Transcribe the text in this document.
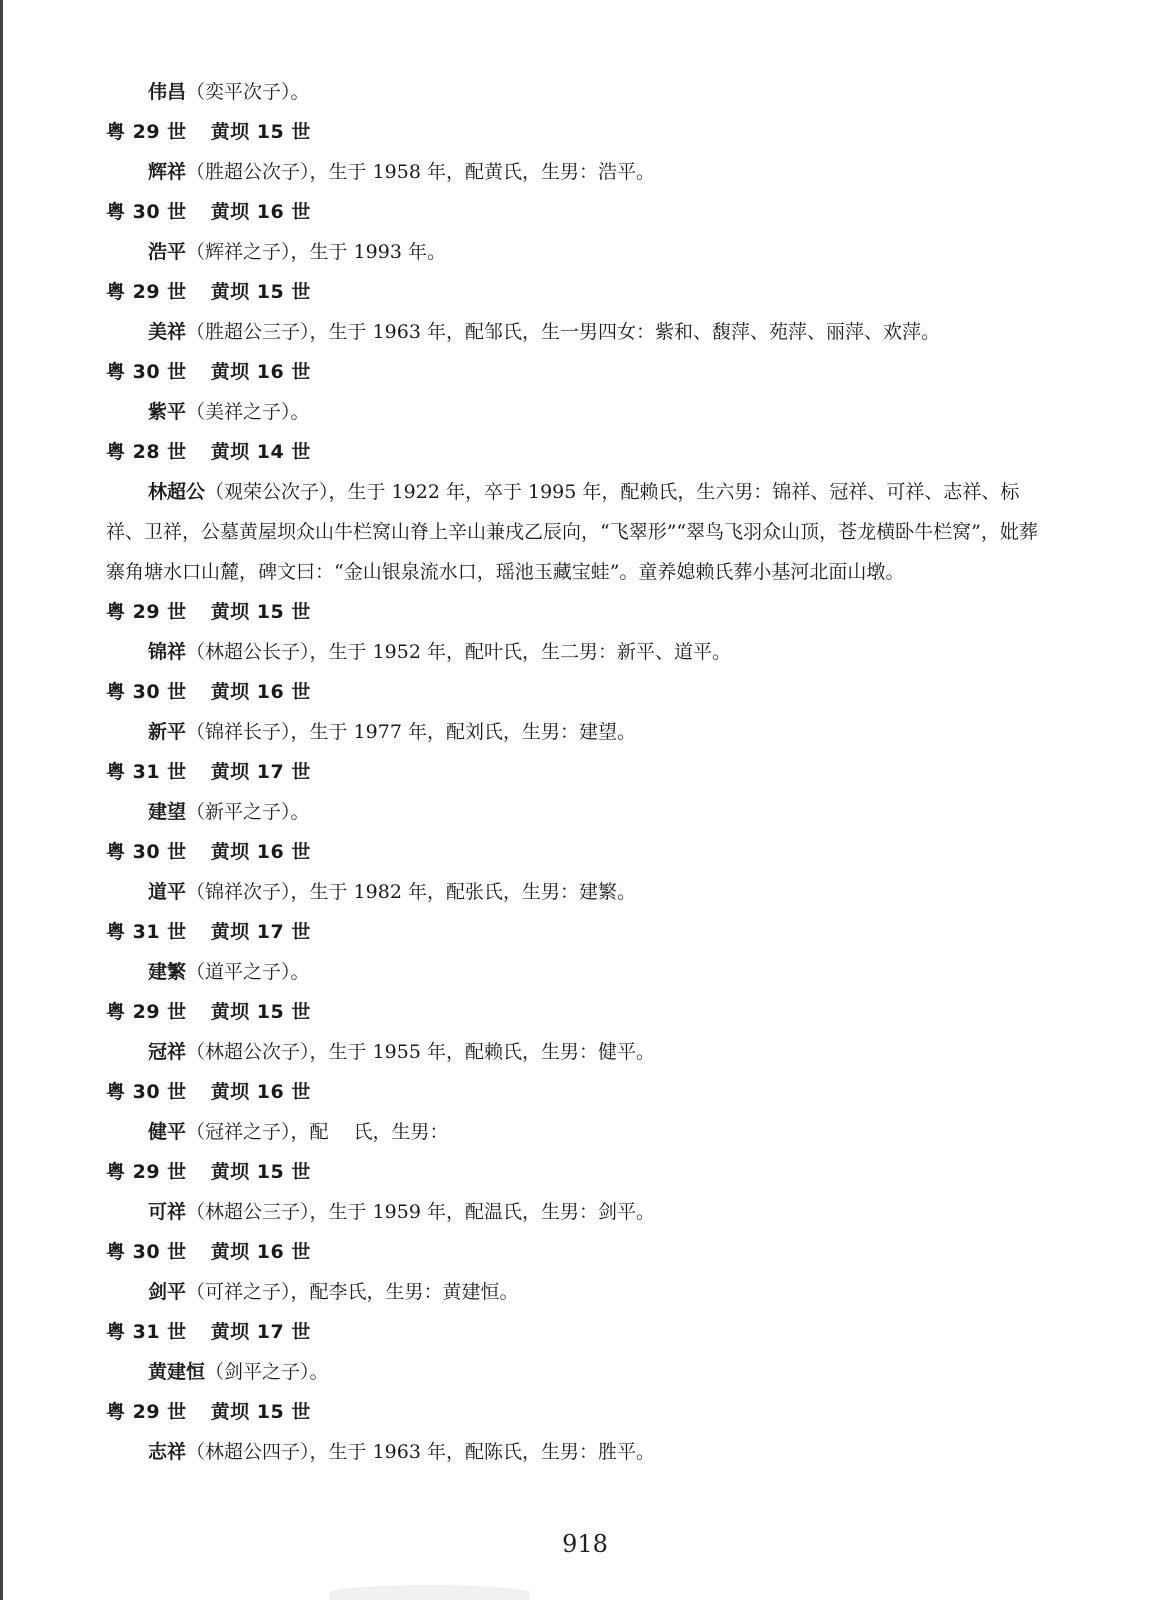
伟昌（奕平次子）。
粤 29 世 黄坝 15 世
辉祥（胜超公次子），生于 1958 年，配黄氏，生男：浩平。
粤 30 世 黄坝 16 世
浩平（辉祥之子），生于 1993 年。
粤 29 世 黄坝 15 世
美祥（胜超公三子），生于 1963 年，配邹氏，生一男四女：紫和、馥萍、苑萍、丽萍、欢萍。
粤 30 世 黄坝 16 世
紫平（美祥之子）。
粤 28 世 黄坝 14 世
林超公（观荣公次子），生于 1922 年，卒于 1995 年，配赖氏，生六男：锦祥、冠祥、可祥、志祥、标祥、卫祥，公墓黄屋坝众山牛栏窝山脊上辛山兼戌乙辰向，“飞翠形”“翠鸟飞羽众山顶，苍龙横卧牛栏窝”，妣葬寨角塘水口山麓，碑文曰：“金山银泉流水口，瑶池玉藏宝蛙”。童养媳赖氏葬小基河北面山墩。
粤 29 世 黄坝 15 世
锦祥（林超公长子），生于 1952 年，配叶氏，生二男：新平、道平。
粤 30 世 黄坝 16 世
新平（锦祥长子），生于 1977 年，配刘氏，生男：建望。
粤 31 世 黄坝 17 世
建望（新平之子）。
粤 30 世 黄坝 16 世
道平（锦祥次子），生于 1982 年，配张氏，生男：建繁。
粤 31 世 黄坝 17 世
建繁（道平之子）。
粤 29 世 黄坝 15 世
冠祥（林超公次子），生于 1955 年，配赖氏，生男：健平。
粤 30 世 黄坝 16 世
健平（冠祥之子），配　 氏，生男：
粤 29 世 黄坝 15 世
可祥（林超公三子），生于 1959 年，配温氏，生男：剑平。
粤 30 世 黄坝 16 世
剑平（可祥之子），配李氏，生男：黄建恒。
粤 31 世 黄坝 17 世
黄建恒（剑平之子）。
粤 29 世 黄坝 15 世
志祥（林超公四子），生于 1963 年，配陈氏，生男：胜平。
918
